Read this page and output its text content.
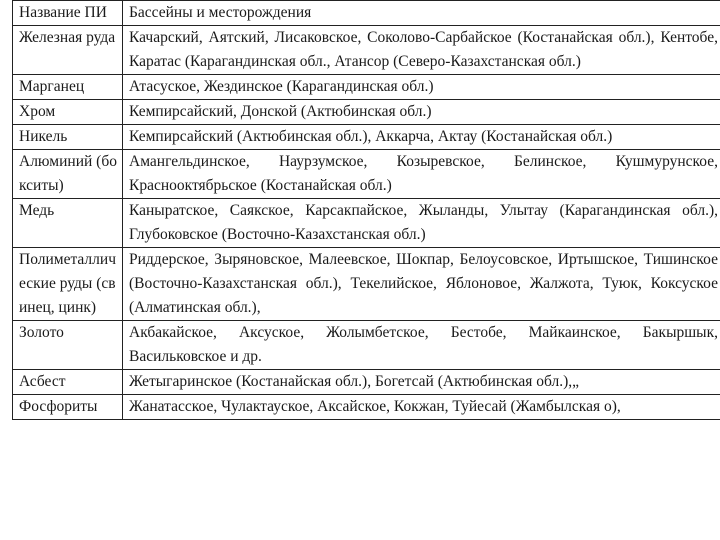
Название ПИ	Бассейны и месторождения
Железная руда	Качарский, Аятский, Лисаковское, Соколово-Сарбайское (Костанайская обл.), Кентобе, Каратас (Карагандинская обл., Атансор (Северо-Казахстанская обл.)
Марганец	Атасуское, Жездинское (Карагандинская обл.)
Хром	Кемпирсайский, Донской (Актюбинская обл.)
Никель	Кемпирсайский (Актюбинская обл.), Аккарча, Актау (Костанайская обл.)
Алюминий (бокситы)	Амангельдинское, Наурзумское, Козыревское, Белинское, Кушмурунское, Краснооктябрьское (Костанайская обл.)
Медь	Каныратское, Саякское, Карсакпайское, Жыланды, Улытау (Карагандинская обл.), Глубоковское (Восточно-Казахстанская обл.)
Полиметаллические руды (свинец, цинк)	Риддерское, Зыряновское, Малеевское, Шокпар, Белоусовское, Иртышское, Тишинское (Восточно-Казахстанская обл.), Текелийское, Яблоновое, Жалжота, Туюк, Коксуское (Алматинская обл.),
Золото	Акбакайское, Аксуское, Жолымбетское, Бестобе, Майкаинское, Бакыршык, Васильковское и др.
Асбест	Жетыгаринское (Костанайская обл.), Богетсай (Актюбинская обл.),„
Фосфориты	Жанатасское, Чулактауское, Аксайское, Кокжан, Туйесай (Жамбылская о),
